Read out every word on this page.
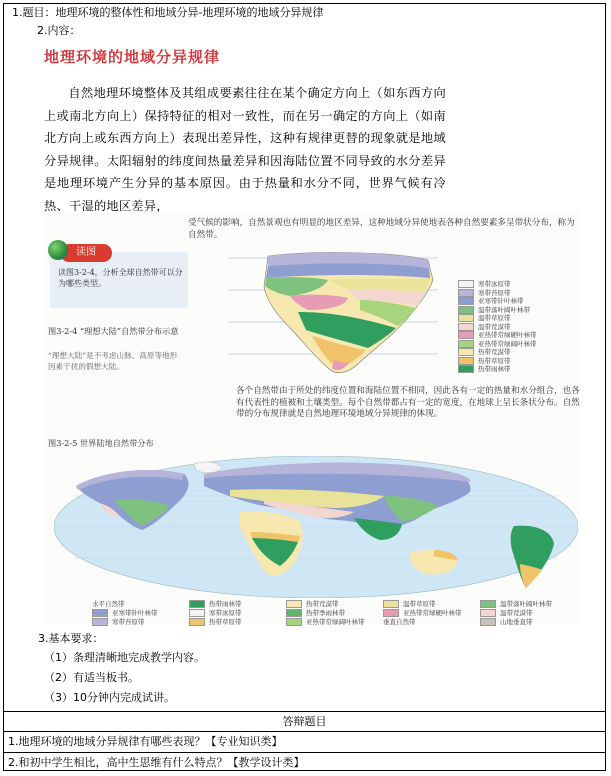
1.题目：地理环境的整体性和地域分异-地理环境的地域分异规律
2.内容：
地理环境的地域分异规律

自然地理环境整体及其组成要素往往在某个确定方向上（如东西方向上或南北方向上）保持特征的相对一致性，而在另一确定的方向上（如南北方向上或东西方向上）表现出差异性，这种有规律更替的现象就是地域分异规律。太阳辐射的纬度间热量差异和因海陆位置不同导致的水分差异是地理环境产生分异的基本原因。由于热量和水分不同，世界气候有冷热、干湿的地区差异，

受气候的影响，自然景观也有明显的地区差异，这种地域分异使地表各种自然要素多呈带状分布，称为自然带。
读图
读图3-2-4，分析全球自然带可以分为哪些类型。
图3-2-4 “理想大陆”自然带分布示意
“理想大陆”是不考虑山脉、高原等地形因素干扰的假想大陆。
寒带冰原带
寒带苔原带
亚寒带针叶林带
温带落叶阔叶林带
温带草原带
温带荒漠带
亚热带常绿硬叶林带
亚热带常绿阔叶林带
热带荒漠带
热带草原带
热带雨林带
各个自然带由于所处的纬度位置和海陆位置不相同，因此各有一定的热量和水分组合，也各有代表性的植被和土壤类型。每个自然带都占有一定的宽度，在地球上呈长条状分布。自然带的分布规律就是自然地理环境地域分异规律的体现。
图3-2-5 世界陆地自然带分布
水平自然带	热带雨林带	热带荒漠带	温带草原带	温带落叶阔叶林带
亚寒带针叶林带	寒带冰原带	热带季雨林带	亚热带常绿硬叶林带	温带荒漠带
寒带苔原带	热带草原带	亚热带常绿阔叶林带	垂直自然带	山地垂直带
3.基本要求：
（1）条理清晰地完成教学内容。
（2）有适当板书。
（3）10分钟内完成试讲。
答辩题目
1.地理环境的地域分异规律有哪些表现？【专业知识类】
2.和初中学生相比，高中生思维有什么特点？【教学设计类】
